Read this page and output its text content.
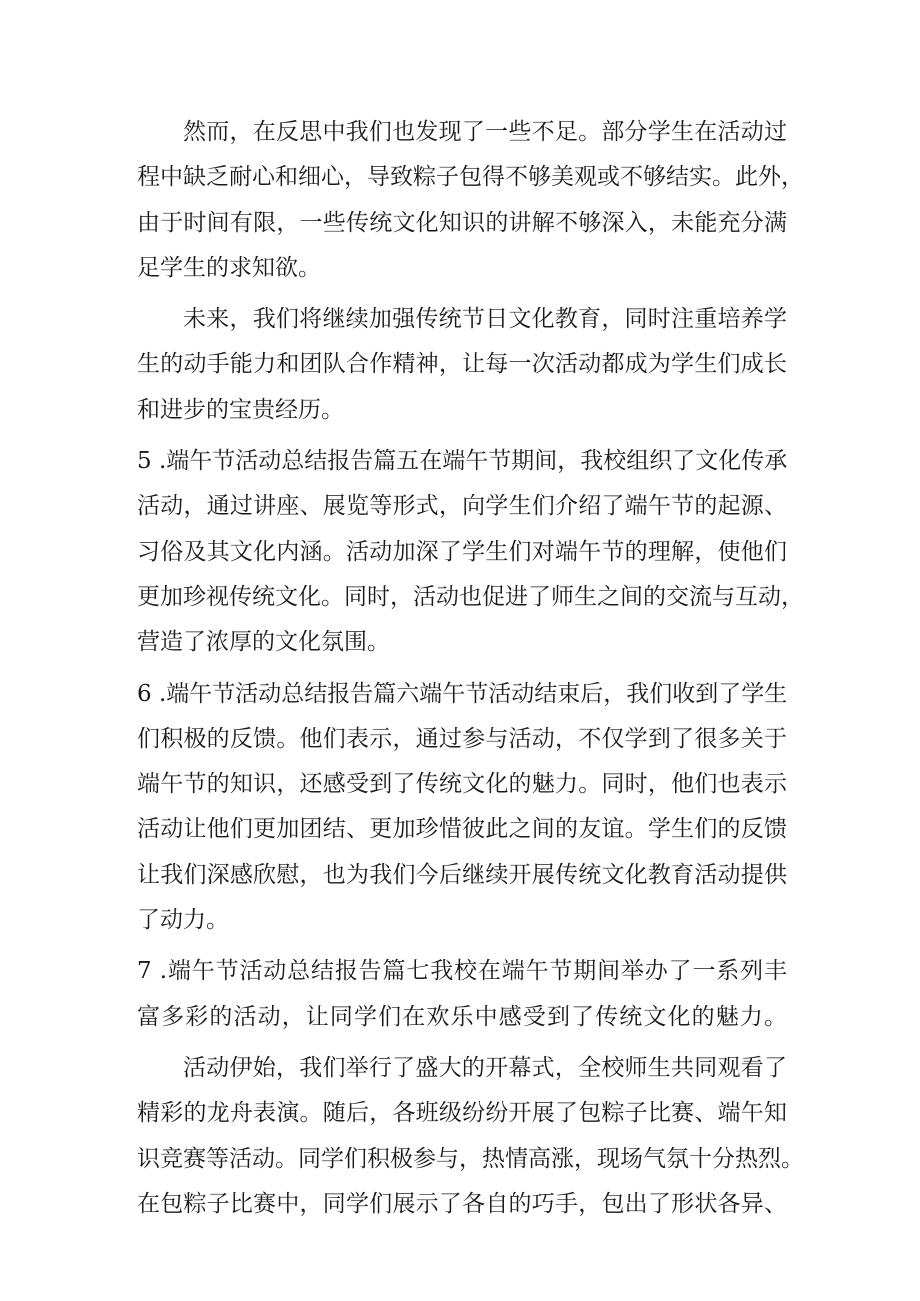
然而，在反思中我们也发现了一些不足。部分学生在活动过
程中缺乏耐心和细心，导致粽子包得不够美观或不够结实。此外，
由于时间有限，一些传统文化知识的讲解不够深入，未能充分满
足学生的求知欲。

未来，我们将继续加强传统节日文化教育，同时注重培养学
生的动手能力和团队合作精神，让每一次活动都成为学生们成长
和进步的宝贵经历。

5 .端午节活动总结报告篇五在端午节期间，我校组织了文化传承
活动，通过讲座、展览等形式，向学生们介绍了端午节的起源、
习俗及其文化内涵。活动加深了学生们对端午节的理解，使他们
更加珍视传统文化。同时，活动也促进了师生之间的交流与互动，
营造了浓厚的文化氛围。

6 .端午节活动总结报告篇六端午节活动结束后，我们收到了学生
们积极的反馈。他们表示，通过参与活动，不仅学到了很多关于
端午节的知识，还感受到了传统文化的魅力。同时，他们也表示
活动让他们更加团结、更加珍惜彼此之间的友谊。学生们的反馈
让我们深感欣慰，也为我们今后继续开展传统文化教育活动提供
了动力。

7 .端午节活动总结报告篇七我校在端午节期间举办了一系列丰
富多彩的活动，让同学们在欢乐中感受到了传统文化的魅力。

活动伊始，我们举行了盛大的开幕式，全校师生共同观看了
精彩的龙舟表演。随后，各班级纷纷开展了包粽子比赛、端午知
识竞赛等活动。同学们积极参与，热情高涨，现场气氛十分热烈。
在包粽子比赛中，同学们展示了各自的巧手，包出了形状各异、
